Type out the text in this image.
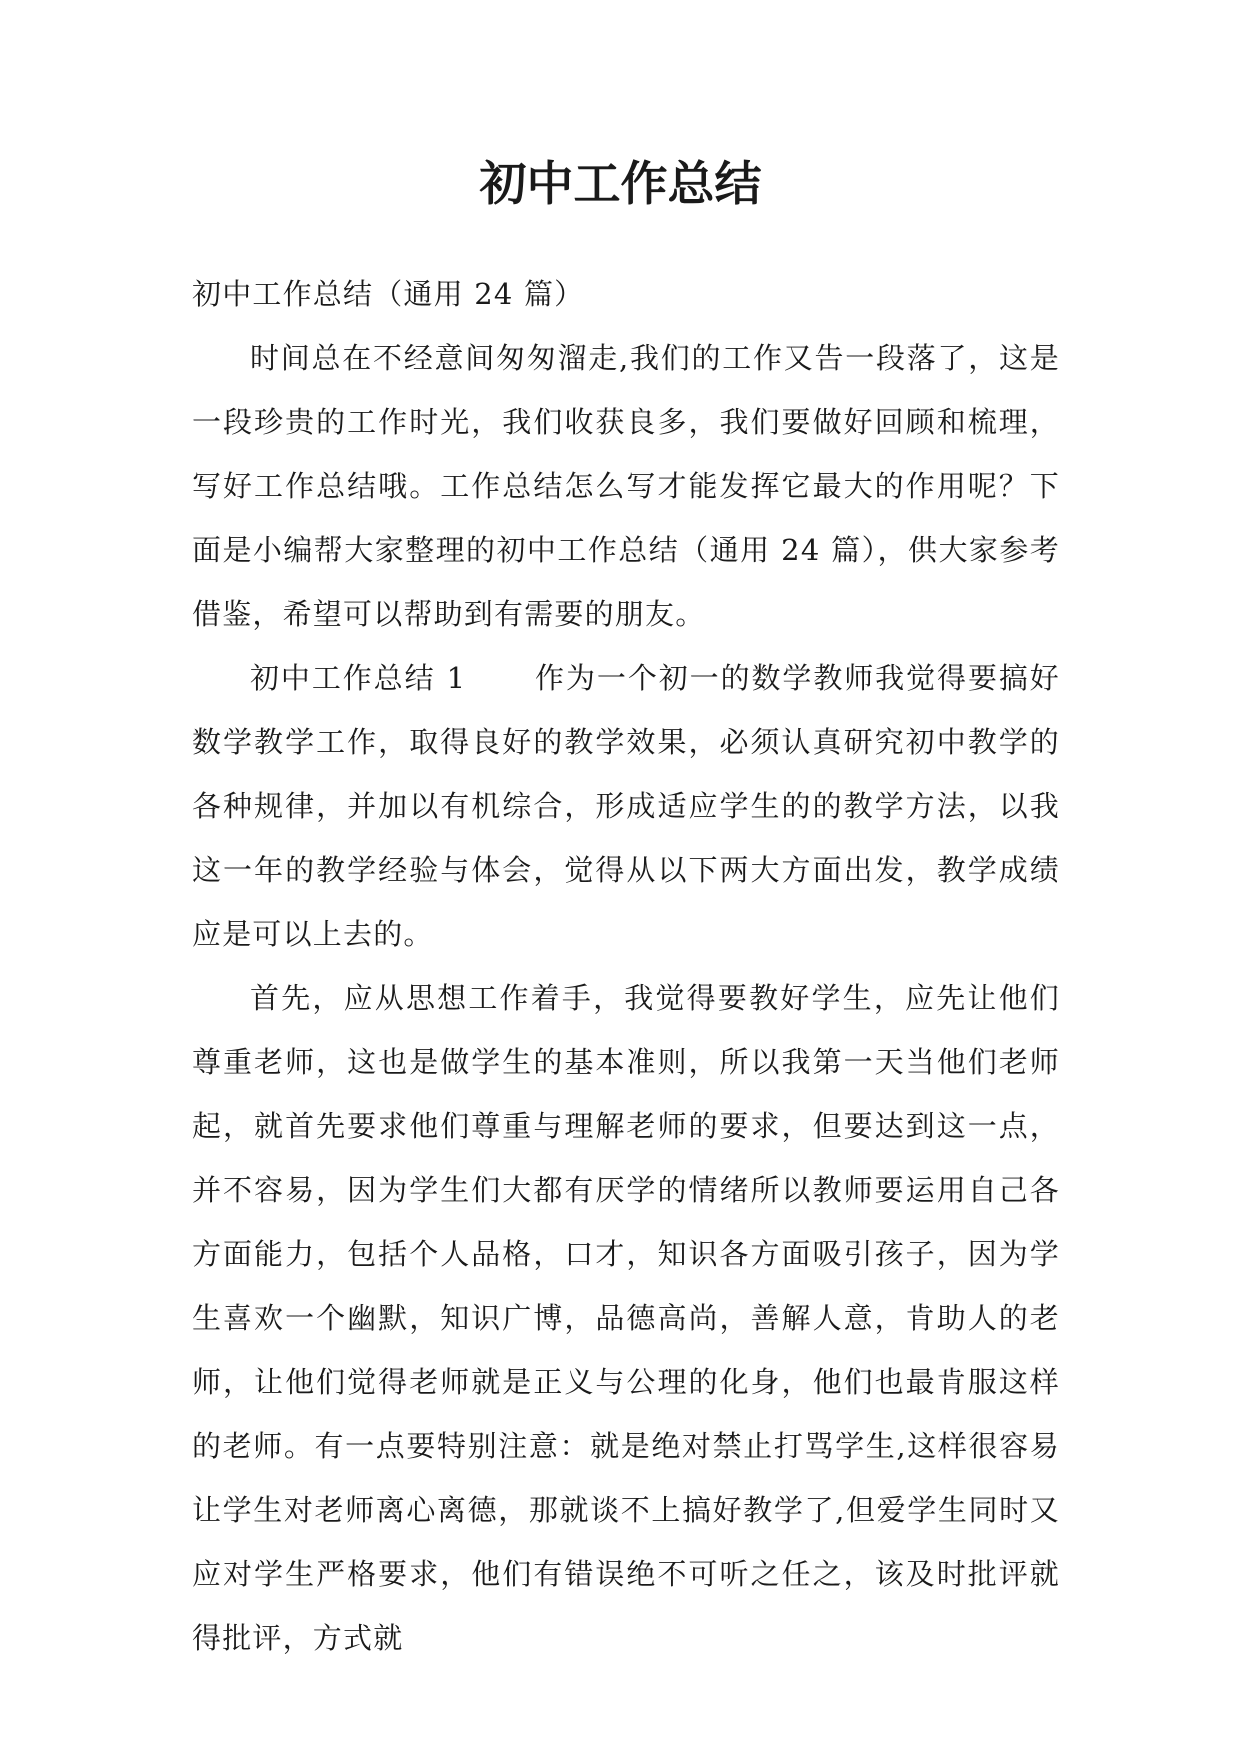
初中工作总结

初中工作总结（通用 24 篇）

时间总在不经意间匆匆溜走,我们的工作又告一段落了，这是一段珍贵的工作时光，我们收获良多，我们要做好回顾和梳理，写好工作总结哦。工作总结怎么写才能发挥它最大的作用呢？下面是小编帮大家整理的初中工作总结（通用 24 篇），供大家参考借鉴，希望可以帮助到有需要的朋友。

初中工作总结 1 作为一个初一的数学教师我觉得要搞好数学教学工作，取得良好的教学效果，必须认真研究初中教学的各种规律，并加以有机综合，形成适应学生的的教学方法，以我这一年的教学经验与体会，觉得从以下两大方面出发，教学成绩应是可以上去的。

首先，应从思想工作着手，我觉得要教好学生，应先让他们尊重老师，这也是做学生的基本准则，所以我第一天当他们老师起，就首先要求他们尊重与理解老师的要求，但要达到这一点，并不容易，因为学生们大都有厌学的情绪所以教师要运用自己各方面能力，包括个人品格，口才，知识各方面吸引孩子，因为学生喜欢一个幽默，知识广博，品德高尚，善解人意，肯助人的老师，让他们觉得老师就是正义与公理的化身，他们也最肯服这样的老师。有一点要特别注意：就是绝对禁止打骂学生,这样很容易让学生对老师离心离德，那就谈不上搞好教学了,但爱学生同时又应对学生严格要求，他们有错误绝不可听之任之，该及时批评就得批评，方式就
